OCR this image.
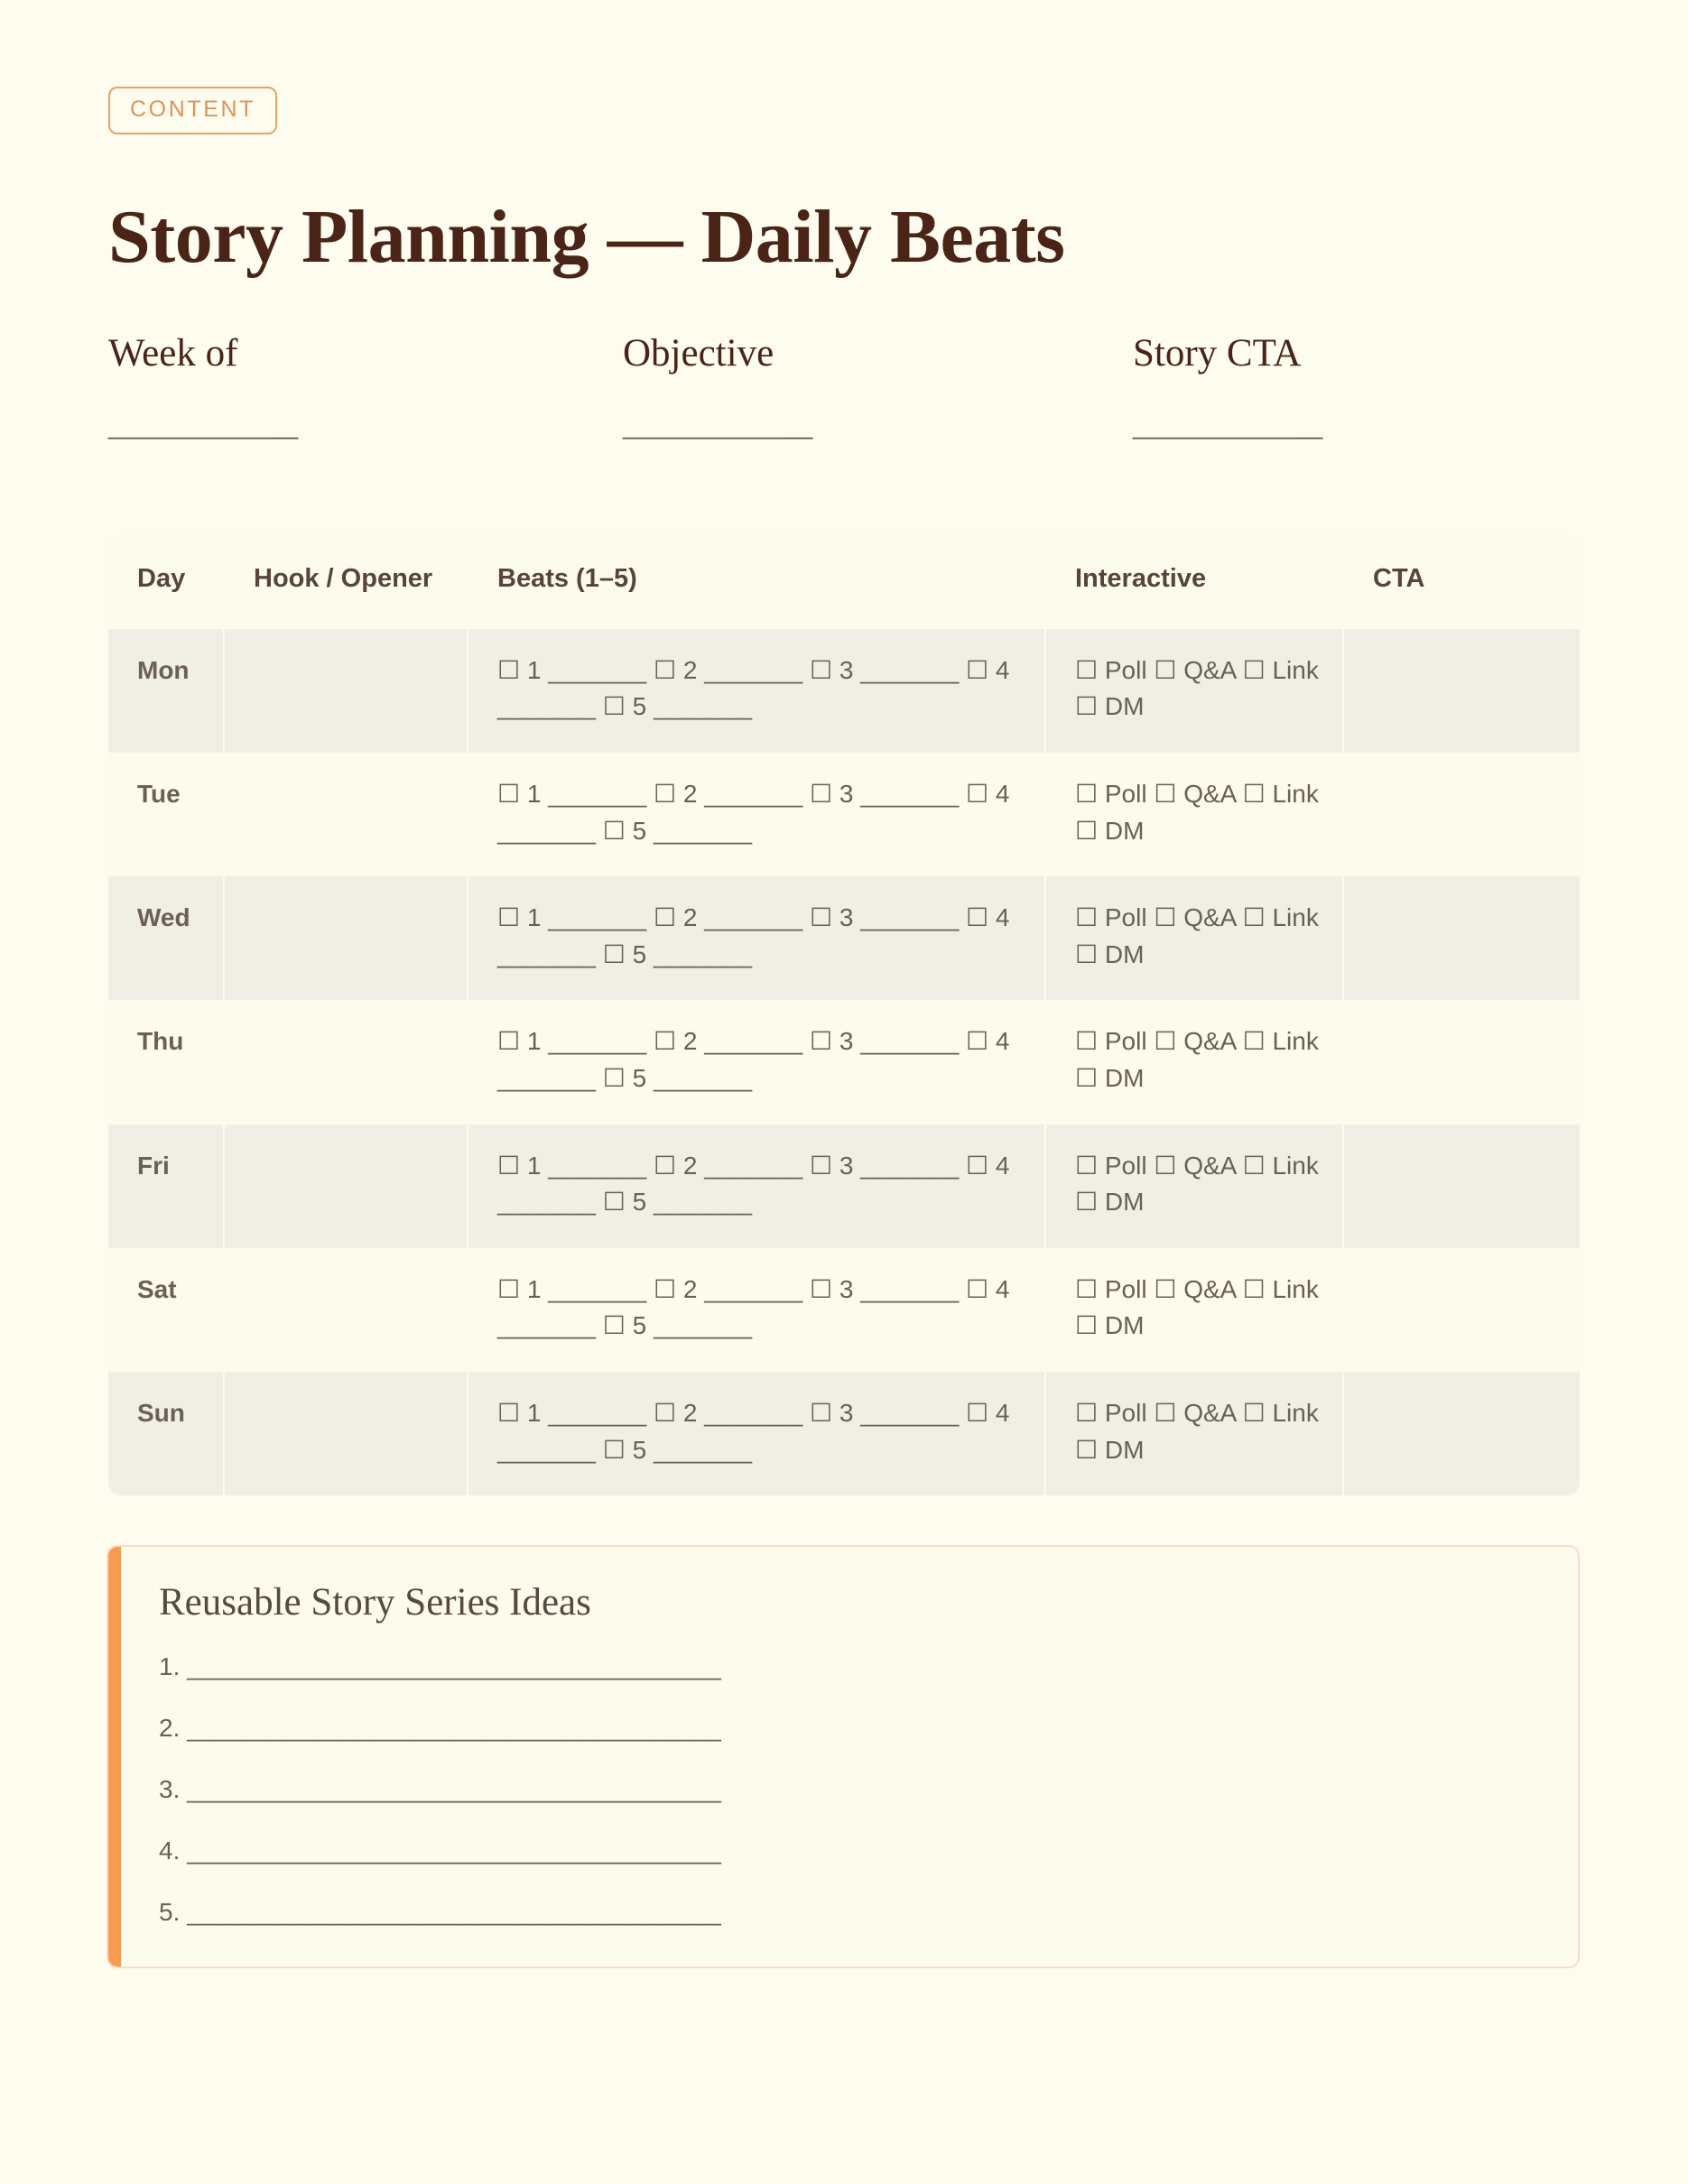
CONTENT
Story Planning — Daily Beats
Week of
______________
Objective
______________
Story CTA
______________
Day	Hook / Opener	Beats (1–5)	Interactive	CTA
Mon		☐ 1 _______ ☐ 2 _______ ☐ 3 _______ ☐ 4 _______ ☐ 5 _______	☐ Poll ☐ Q&A ☐ Link ☐ DM	
Tue		☐ 1 _______ ☐ 2 _______ ☐ 3 _______ ☐ 4 _______ ☐ 5 _______	☐ Poll ☐ Q&A ☐ Link ☐ DM	
Wed		☐ 1 _______ ☐ 2 _______ ☐ 3 _______ ☐ 4 _______ ☐ 5 _______	☐ Poll ☐ Q&A ☐ Link ☐ DM	
Thu		☐ 1 _______ ☐ 2 _______ ☐ 3 _______ ☐ 4 _______ ☐ 5 _______	☐ Poll ☐ Q&A ☐ Link ☐ DM	
Fri		☐ 1 _______ ☐ 2 _______ ☐ 3 _______ ☐ 4 _______ ☐ 5 _______	☐ Poll ☐ Q&A ☐ Link ☐ DM	
Sat		☐ 1 _______ ☐ 2 _______ ☐ 3 _______ ☐ 4 _______ ☐ 5 _______	☐ Poll ☐ Q&A ☐ Link ☐ DM	
Sun		☐ 1 _______ ☐ 2 _______ ☐ 3 _______ ☐ 4 _______ ☐ 5 _______	☐ Poll ☐ Q&A ☐ Link ☐ DM	
Reusable Story Series Ideas
1. ______________________________________
2. ______________________________________
3. ______________________________________
4. ______________________________________
5. ______________________________________
